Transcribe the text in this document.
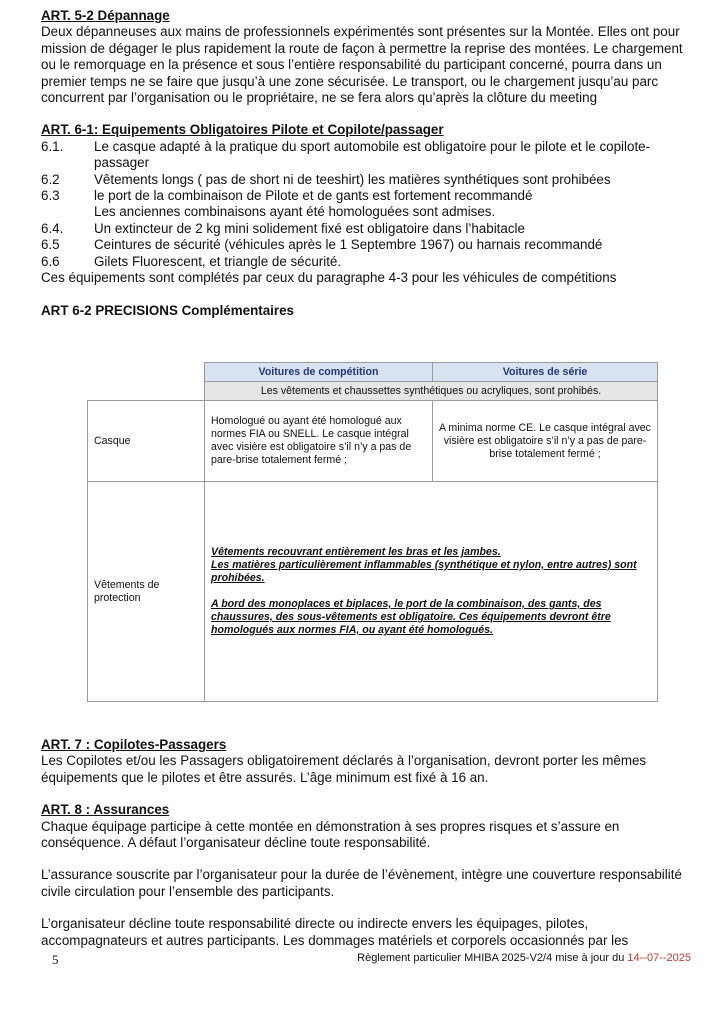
ART. 5-2 Dépannage

Deux dépanneuses aux mains de professionnels expérimentés sont présentes sur la Montée. Elles ont pour mission de dégager le plus rapidement la route de façon à permettre la reprise des montées. Le chargement ou le remorquage en la présence et sous l’entière responsabilité du participant concerné, pourra dans un premier temps ne se faire que jusqu’à une zone sécurisée. Le transport, ou le chargement jusqu’au parc concurrent par l’organisation ou le propriétaire, ne se fera alors qu’après la clôture du meeting

ART. 6-1: Equipements Obligatoires Pilote et Copilote/passager
6.1.	Le casque adapté à la pratique du sport automobile est obligatoire pour le pilote et le copilote-passager
6.2	Vêtements longs ( pas de short ni de teeshirt) les matières synthétiques sont prohibées
6.3	le port de la combinaison de Pilote et de gants est fortement recommandé
Les anciennes combinaisons ayant été homologuées sont admises.
6.4.	Un extincteur de 2 kg mini solidement fixé est obligatoire dans l’habitacle
6.5	Ceintures de sécurité (véhicules après le 1 Septembre 1967) ou harnais recommandé
6.6	Gilets Fluorescent, et triangle de sécurité.

Ces équipements sont complétés par ceux du paragraphe 4-3 pour les véhicules de compétitions

ART 6-2 PRECISIONS Complémentaires
	Voitures de compétition	Voitures de série
	Les vêtements et chaussettes synthétiques ou acryliques, sont prohibés.	
Casque	Homologué ou ayant été homologué aux normes FIA ou SNELL. Le casque intégral avec visière est obligatoire s’il n’y a pas de pare-brise totalement fermé ;	A minima norme CE. Le casque intégral avec visière est obligatoire s’il n’y a pas de pare-brise totalement fermé ;
Vêtements de protection	Vêtements recouvrant entièrement les bras et les jambes.
Les matières particulièrement inflammables (synthétique et nylon, entre autres) sont prohibées.
A bord des monoplaces et biplaces, le port de la combinaison, des gants, des chaussures, des sous-vêtements est obligatoire. Ces équipements devront être homologués aux normes FIA, ou ayant été homologués.	
ART. 7 : Copilotes-Passagers

Les Copilotes et/ou les Passagers obligatoirement déclarés à l’organisation, devront porter les mêmes équipements que le pilotes et être assurés. L’âge minimum est fixé à 16 an.

ART. 8 : Assurances

Chaque équipage participe à cette montée en démonstration à ses propres risques et s’assure en conséquence. A défaut l’organisateur décline toute responsabilité.

L’assurance souscrite par l’organisateur pour la durée de l’évènement, intègre une couverture responsabilité civile circulation pour l’ensemble des participants.

L’organisateur décline toute responsabilité directe ou indirecte envers les équipages, pilotes, accompagnateurs et autres participants. Les dommages matériels et corporels occasionnés par les

5	Règlement particulier MHIBA 2025-V2/4 mise à jour du 14--07--2025
